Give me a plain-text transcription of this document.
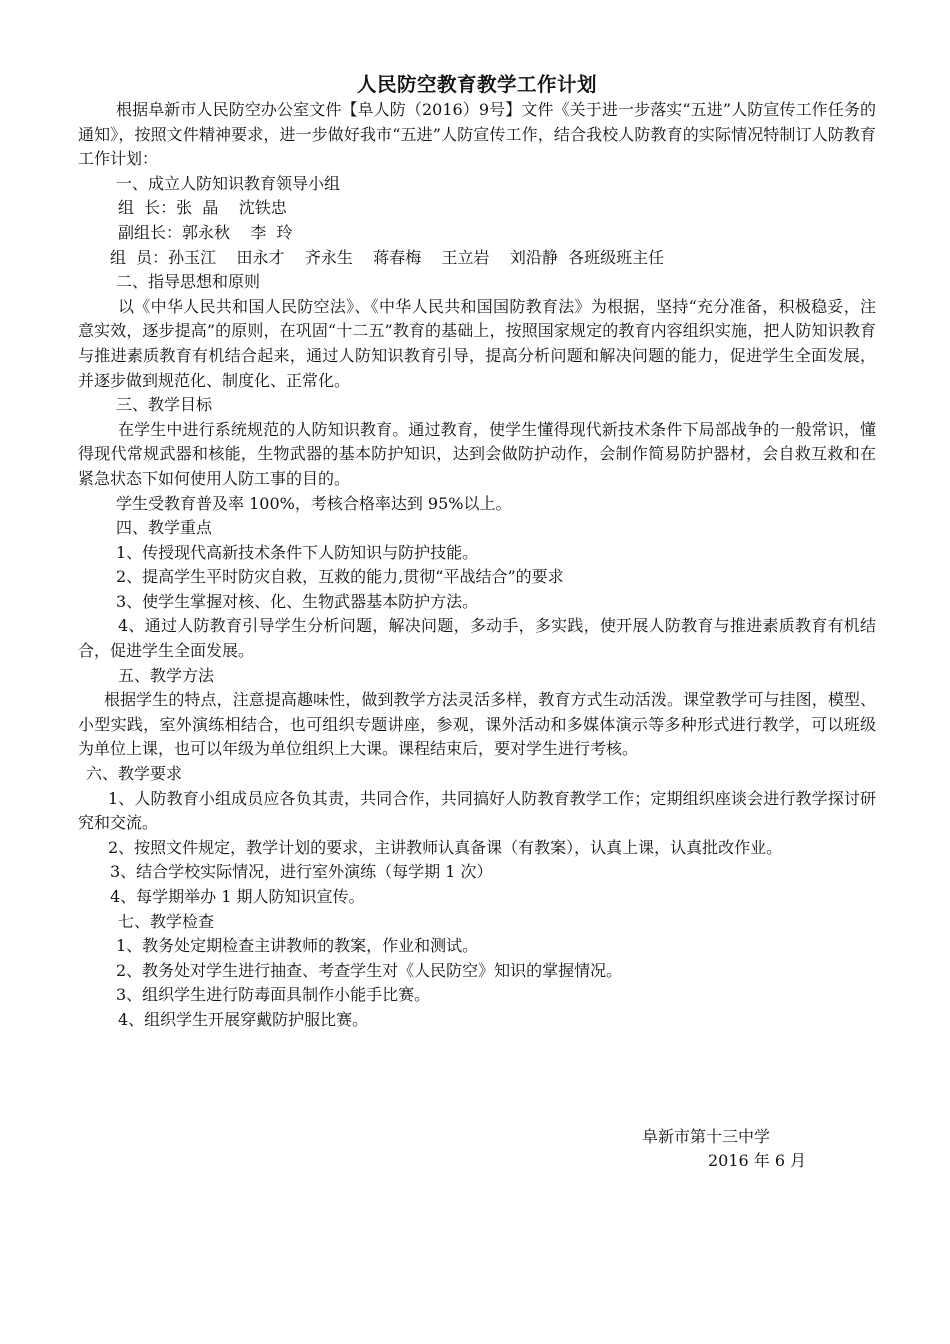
人民防空教育教学工作计划

根据阜新市人民防空办公室文件【阜人防（2016）9号】文件《关于进一步落实“五进”人防宣传工作任务的通知》，按照文件精神要求，进一步做好我市“五进”人防宣传工作，结合我校人防教育的实际情况特制订人防教育工作计划：

一、成立人防知识教育领导小组

组  长：张  晶    沈铁忠

副组长：郭永秋    李  玲

组  员：孙玉江    田永才    齐永生    蒋春梅    王立岩    刘沿静  各班级班主任

二、指导思想和原则

以《中华人民共和国人民防空法》、《中华人民共和国国防教育法》为根据，坚持“充分准备，积极稳妥，注意实效，逐步提高”的原则，在巩固“十二五”教育的基础上，按照国家规定的教育内容组织实施，把人防知识教育与推进素质教育有机结合起来，通过人防知识教育引导，提高分析问题和解决问题的能力，促进学生全面发展，并逐步做到规范化、制度化、正常化。

三、教学目标

在学生中进行系统规范的人防知识教育。通过教育，使学生懂得现代新技术条件下局部战争的一般常识，懂得现代常规武器和核能，生物武器的基本防护知识，达到会做防护动作，会制作简易防护器材，会自救互救和在紧急状态下如何使用人防工事的目的。

学生受教育普及率 100%，考核合格率达到 95%以上。

四、教学重点

1、传授现代高新技术条件下人防知识与防护技能。

2、提高学生平时防灾自救，互救的能力,贯彻“平战结合”的要求

3、使学生掌握对核、化、生物武器基本防护方法。

4、通过人防教育引导学生分析问题，解决问题，多动手，多实践，使开展人防教育与推进素质教育有机结合，促进学生全面发展。

五、教学方法

根据学生的特点，注意提高趣味性，做到教学方法灵活多样，教育方式生动活泼。课堂教学可与挂图，模型、小型实践，室外演练相结合，也可组织专题讲座，参观，课外活动和多媒体演示等多种形式进行教学，可以班级为单位上课，也可以年级为单位组织上大课。课程结束后，要对学生进行考核。

六、教学要求

1、人防教育小组成员应各负其责，共同合作，共同搞好人防教育教学工作；定期组织座谈会进行教学探讨研究和交流。

2、按照文件规定，教学计划的要求，主讲教师认真备课（有教案），认真上课，认真批改作业。

3、结合学校实际情况，进行室外演练（每学期 1 次）

4、每学期举办 1 期人防知识宣传。

七、教学检查

1、教务处定期检查主讲教师的教案，作业和测试。

2、教务处对学生进行抽查、考查学生对《人民防空》知识的掌握情况。

3、组织学生进行防毒面具制作小能手比赛。

4、组织学生开展穿戴防护服比赛。

阜新市第十三中学
2016 年 6 月
